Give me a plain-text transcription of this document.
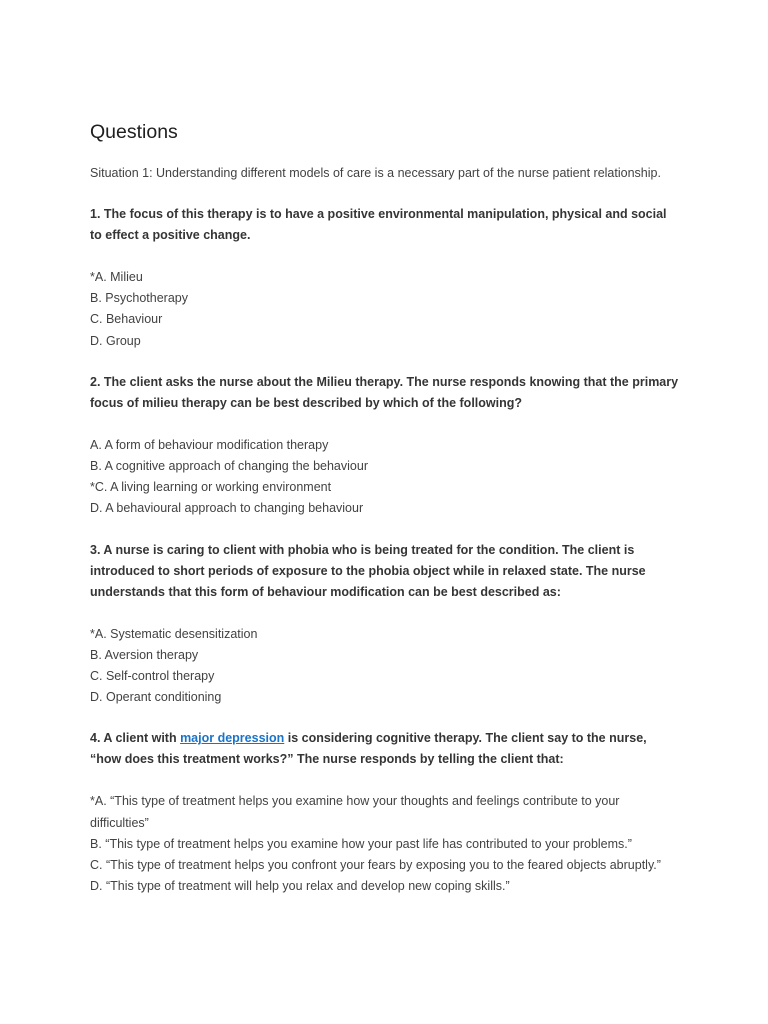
Questions

Situation 1: Understanding different models of care is a necessary part of the nurse patient relationship.

1. The focus of this therapy is to have a positive environmental manipulation, physical and social to effect a positive change.

*A. Milieu
B. Psychotherapy
C. Behaviour
D. Group

2. The client asks the nurse about the Milieu therapy. The nurse responds knowing that the primary focus of milieu therapy can be best described by which of the following?

A. A form of behaviour modification therapy
B. A cognitive approach of changing the behaviour
*C. A living learning or working environment
D. A behavioural approach to changing behaviour

3. A nurse is caring to client with phobia who is being treated for the condition. The client is introduced to short periods of exposure to the phobia object while in relaxed state. The nurse understands that this form of behaviour modification can be best described as:

*A. Systematic desensitization
B. Aversion therapy
C. Self-control therapy
D. Operant conditioning

4. A client with major depression is considering cognitive therapy. The client say to the nurse, “how does this treatment works?” The nurse responds by telling the client that:

*A. “This type of treatment helps you examine how your thoughts and feelings contribute to your difficulties”
B. “This type of treatment helps you examine how your past life has contributed to your problems.”
C. “This type of treatment helps you confront your fears by exposing you to the feared objects abruptly.”
D. “This type of treatment will help you relax and develop new coping skills.”
